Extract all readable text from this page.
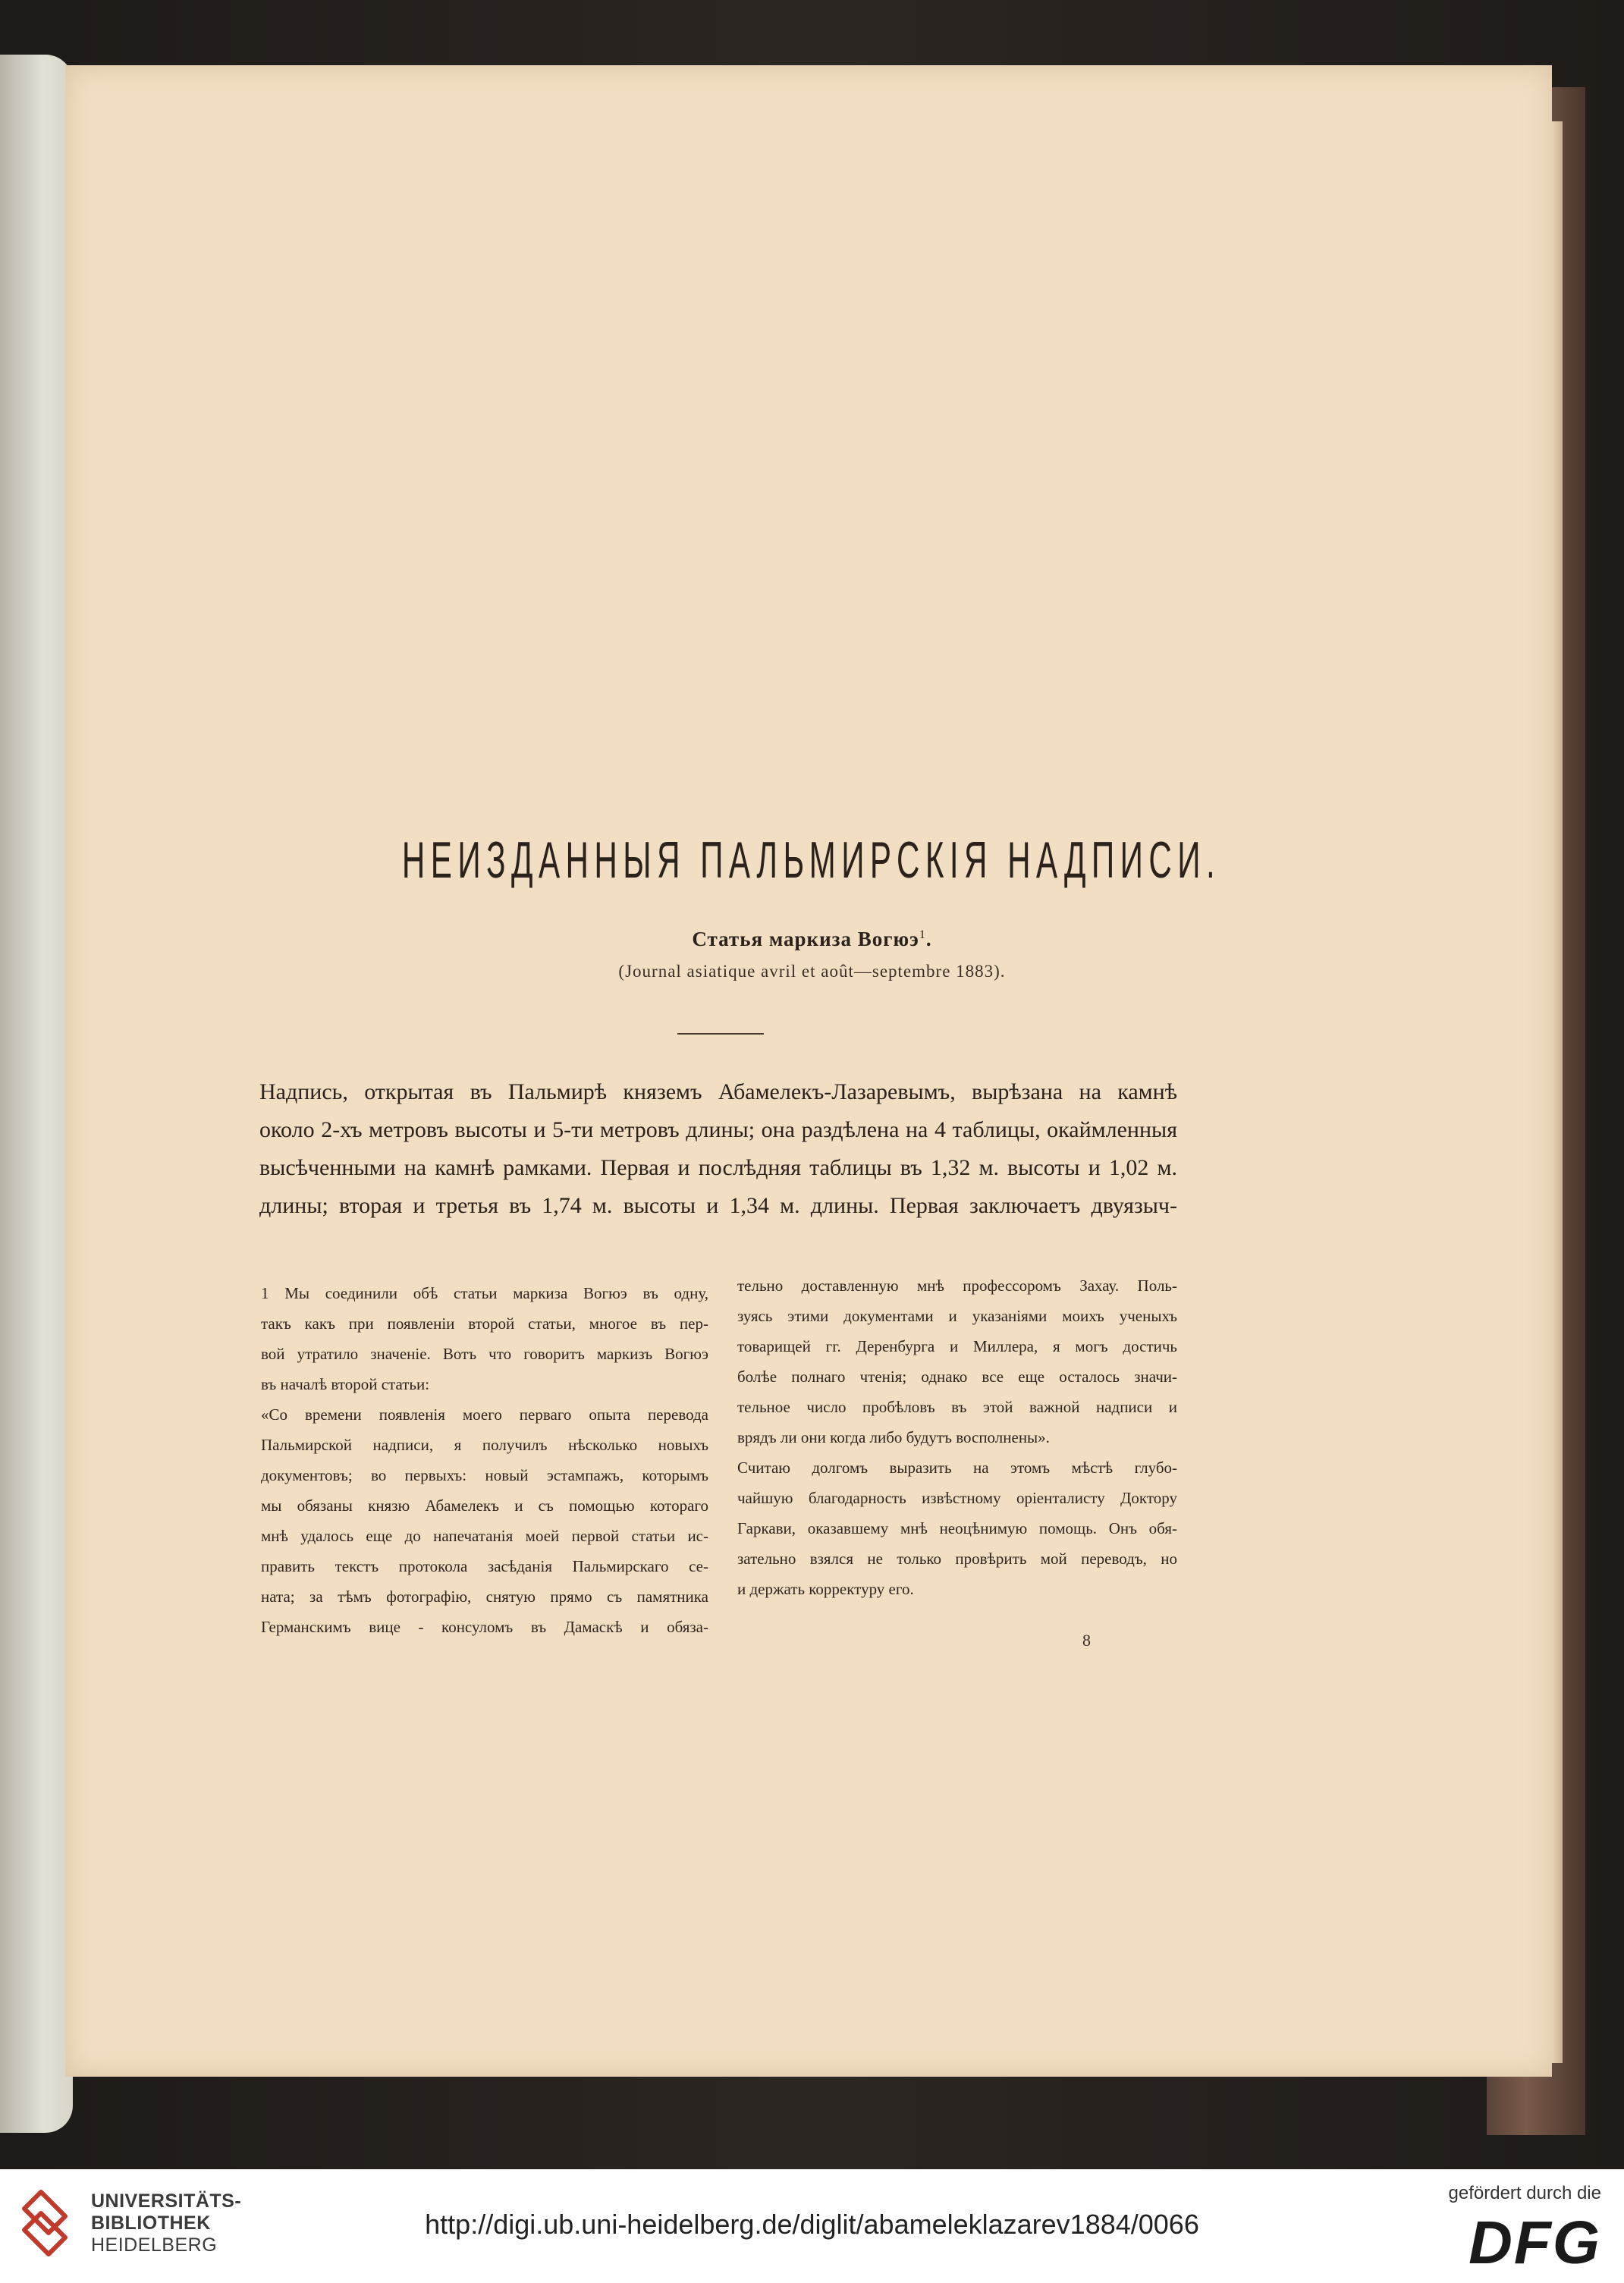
НЕИЗДАННЫЯ ПАЛЬМИРСКІЯ НАДПИСИ.
Статья маркиза Вогюэ$^1$.
(Journal asiatique avril et août—septembre 1883).
Надпись, открытая въ Пальмирѣ княземъ Абамелекъ-Лазаревымъ, вырѣзана на камнѣ
около 2-хъ метровъ высоты и 5-ти метровъ длины; она раздѣлена на 4 таблицы, окаймленныя
высѣченными на камнѣ рамками. Первая и послѣдняя таблицы въ 1,32 м. высоты и 1,02 м.
длины; вторая и третья въ 1,74 м. высоты и 1,34 м. длины. Первая заключаетъ двуязыч-
1 Мы соединили обѣ статьи маркиза Вогюэ въ одну,
такъ какъ при появленіи второй статьи, многое въ пер-
вой утратило значеніе. Вотъ что говоритъ маркизъ Вогюэ
въ началѣ второй статьи:
«Со времени появленія моего перваго опыта перевода
Пальмирской надписи, я получилъ нѣсколько новыхъ
документовъ; во первыхъ: новый эстампажъ, которымъ
мы обязаны князю Абамелекъ и съ помощью котораго
мнѣ удалось еще до напечатанія моей первой статьи ис-
править текстъ протокола засѣданія Пальмирскаго се-
ната; за тѣмъ фотографію, снятую прямо съ памятника
Германскимъ вице - консуломъ въ Дамаскѣ и обяза-
тельно доставленную мнѣ профессоромъ Захау. Поль-
зуясь этими документами и указаніями моихъ ученыхъ
товарищей гг. Деренбурга и Миллера, я могъ достичь
болѣе полнаго чтенія; однако все еще осталось значи-
тельное число пробѣловъ въ этой важной надписи и
врядъ ли они когда либо будутъ восполнены».
Считаю долгомъ выразить на этомъ мѣстѣ глубо-
чайшую благодарность извѣстному оріенталисту Доктору
Гаркави, оказавшему мнѣ неоцѣнимую помощь. Онъ обя-
зательно взялся не только провѣрить мой переводъ, но
и держать корректуру его.
8
UNIVERSITÄTS-
BIBLIOTHEK
HEIDELBERG
http://digi.ub.uni-heidelberg.de/diglit/abameleklazarev1884/0066
gefördert durch die
DFG
